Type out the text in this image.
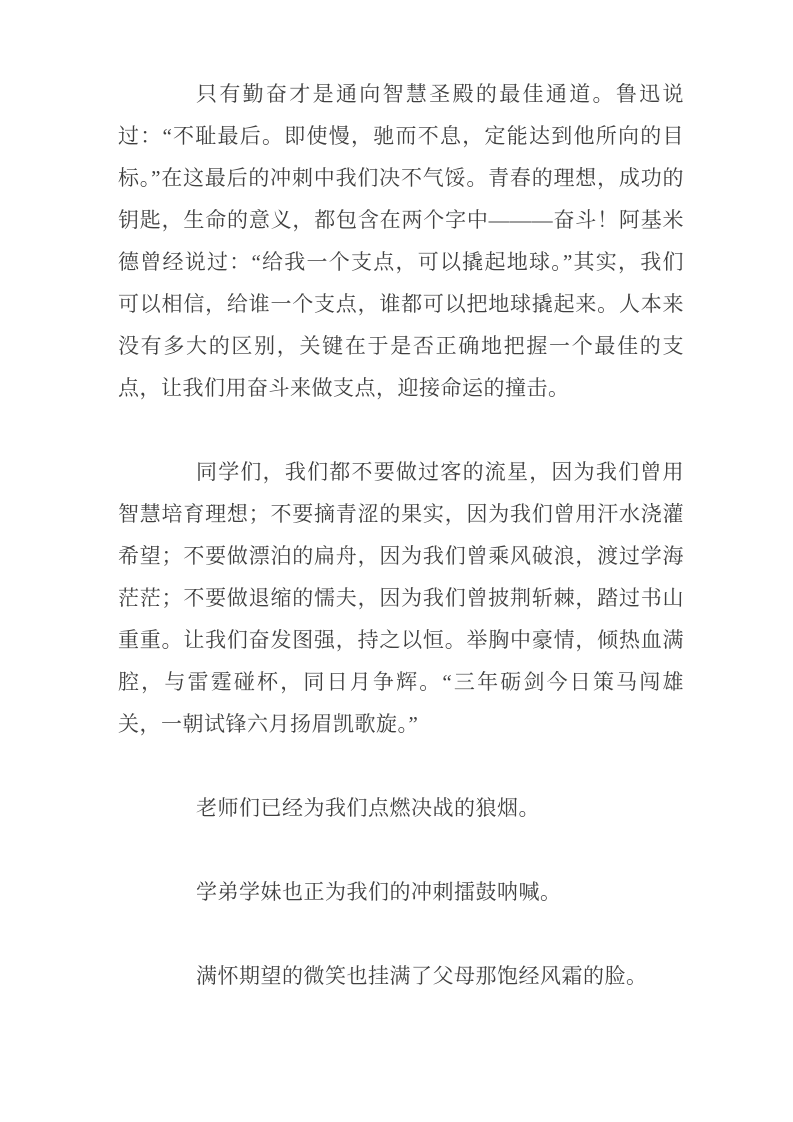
只有勤奋才是通向智慧圣殿的最佳通道。鲁迅说过：“不耻最后。即使慢，驰而不息，定能达到他所向的目标。”在这最后的冲刺中我们决不气馁。青春的理想，成功的钥匙，生命的意义，都包含在两个字中———奋斗！阿基米德曾经说过：“给我一个支点，可以撬起地球。”其实，我们可以相信，给谁一个支点，谁都可以把地球撬起来。人本来没有多大的区别，关键在于是否正确地把握一个最佳的支点，让我们用奋斗来做支点，迎接命运的撞击。

同学们，我们都不要做过客的流星，因为我们曾用智慧培育理想；不要摘青涩的果实，因为我们曾用汗水浇灌希望；不要做漂泊的扁舟，因为我们曾乘风破浪，渡过学海茫茫；不要做退缩的懦夫，因为我们曾披荆斩棘，踏过书山重重。让我们奋发图强，持之以恒。举胸中豪情，倾热血满腔，与雷霆碰杯，同日月争辉。“三年砺剑今日策马闯雄关，一朝试锋六月扬眉凯歌旋。”

老师们已经为我们点燃决战的狼烟。

学弟学妹也正为我们的冲刺擂鼓呐喊。

满怀期望的微笑也挂满了父母那饱经风霜的脸。
